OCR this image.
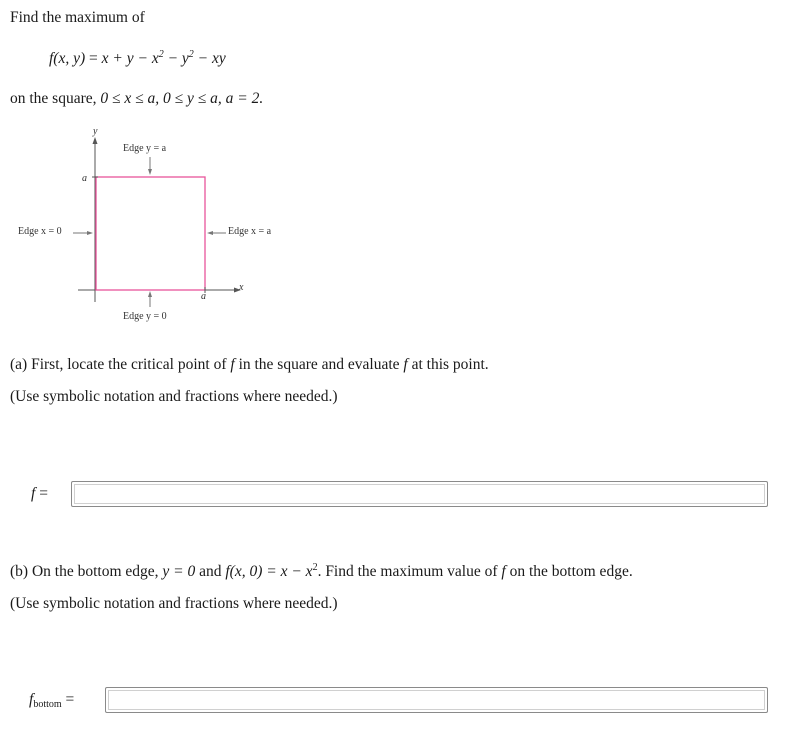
Find the maximum of
f(x, $y) = x + y - x^2 - y^2$ − xy
on the square, 0 ≤ x ≤ a, 0 ≤ y ≤ a, a = 2.
y
x
a
a
Edge y = a
Edge y = 0
Edge x = 0	Edge x = a
(a) First, locate the critical point of f in the square and evaluate f at this point.
(Use symbolic notation and fractions where needed.)
f =
(b) On the bottom edge, y = 0 and f(x, $0) = x - x^2$. Find the maximum value of f on the bottom edge.
(Use symbolic notation and fractions where needed.)
$f_{bottom}$ =
